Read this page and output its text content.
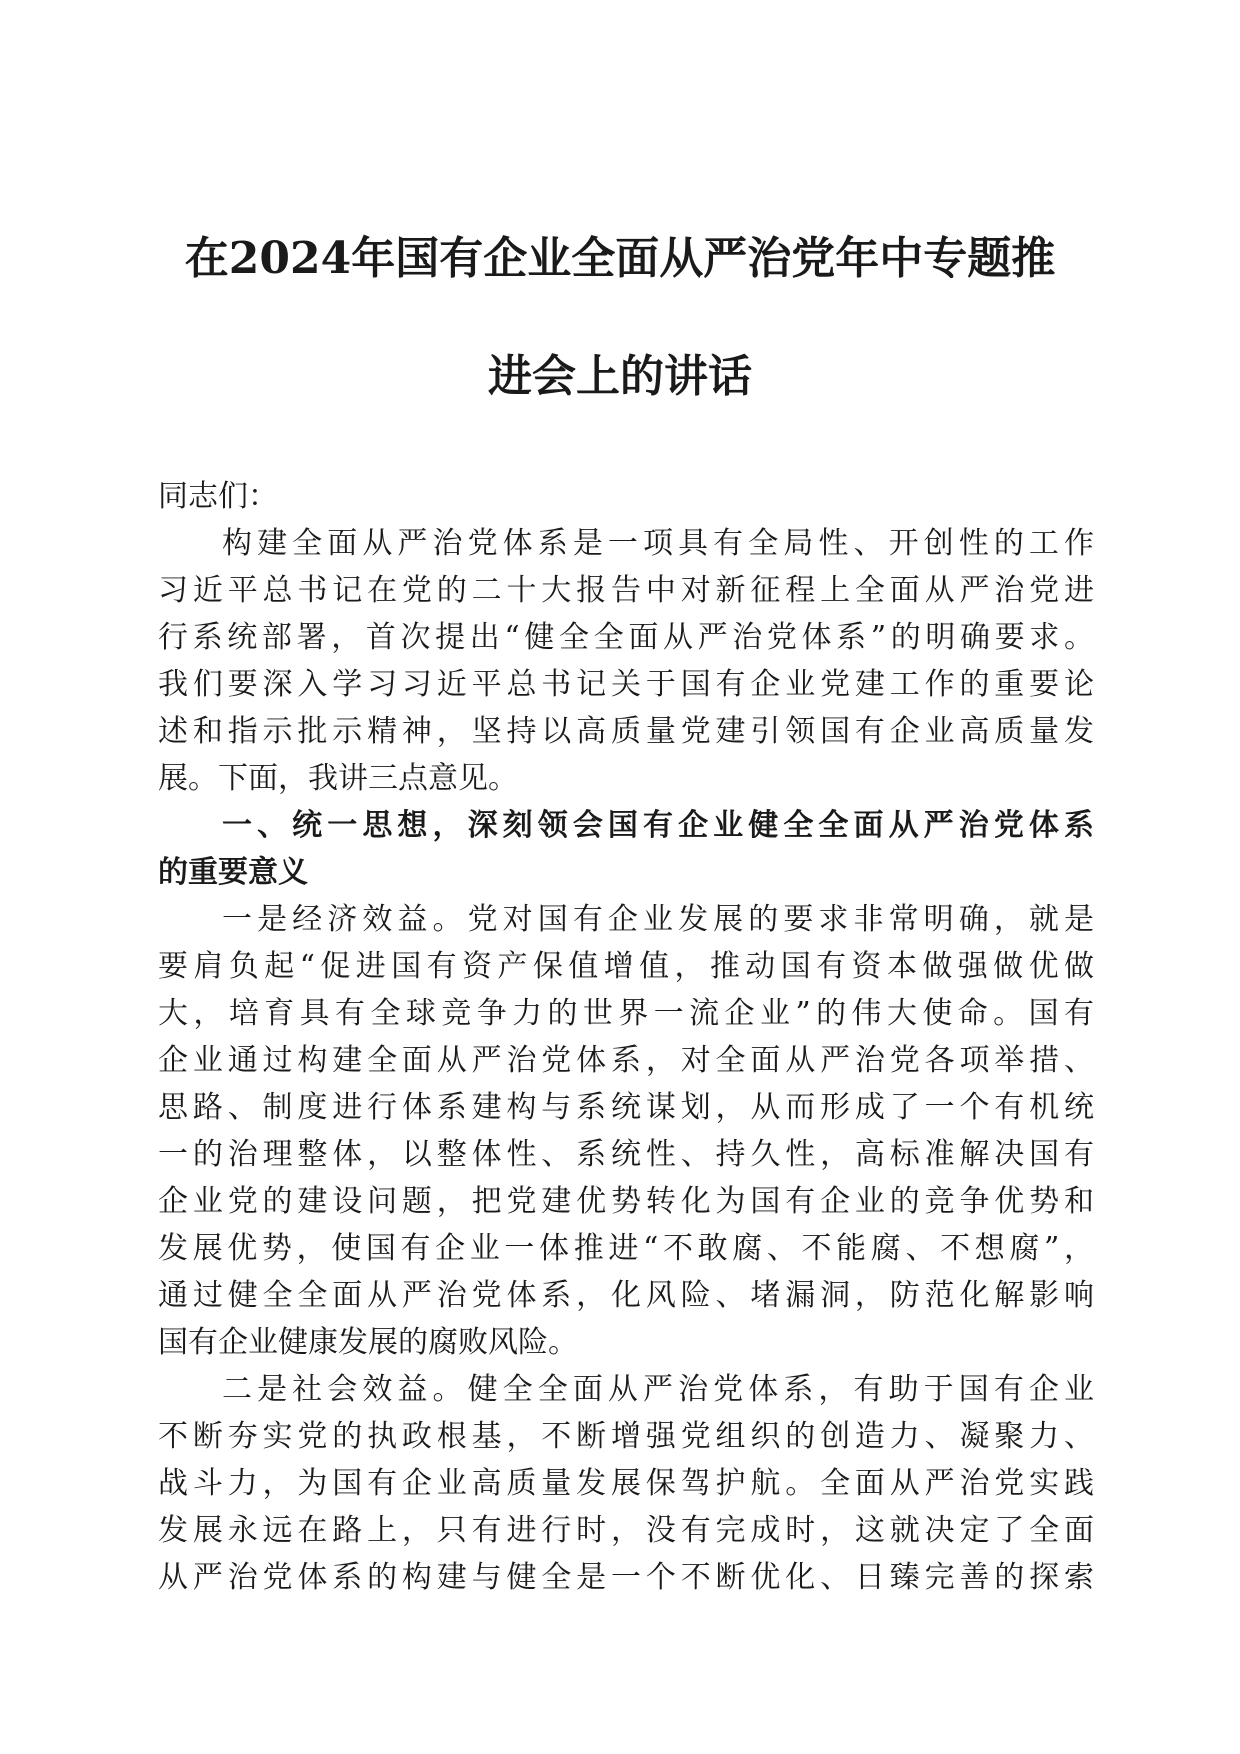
在2024年国有企业全面从严治党年中专题推
进会上的讲话
同志们：
构建全面从严治党体系是一项具有全局性、开创性的工作
习近平总书记在党的二十大报告中对新征程上全面从严治党进
行系统部署，首次提出“健全全面从严治党体系”的明确要求。
我们要深入学习习近平总书记关于国有企业党建工作的重要论
述和指示批示精神，坚持以高质量党建引领国有企业高质量发
展。下面，我讲三点意见。
一、统一思想，深刻领会国有企业健全全面从严治党体系
的重要意义
一是经济效益。党对国有企业发展的要求非常明确，就是
要肩负起“促进国有资产保值增值，推动国有资本做强做优做
大，培育具有全球竞争力的世界一流企业”的伟大使命。国有
企业通过构建全面从严治党体系，对全面从严治党各项举措、
思路、制度进行体系建构与系统谋划，从而形成了一个有机统
一的治理整体，以整体性、系统性、持久性，高标准解决国有
企业党的建设问题，把党建优势转化为国有企业的竞争优势和
发展优势，使国有企业一体推进“不敢腐、不能腐、不想腐”，
通过健全全面从严治党体系，化风险、堵漏洞，防范化解影响
国有企业健康发展的腐败风险。
二是社会效益。健全全面从严治党体系，有助于国有企业
不断夯实党的执政根基，不断增强党组织的创造力、凝聚力、
战斗力，为国有企业高质量发展保驾护航。全面从严治党实践
发展永远在路上，只有进行时，没有完成时，这就决定了全面
从严治党体系的构建与健全是一个不断优化、日臻完善的探索
